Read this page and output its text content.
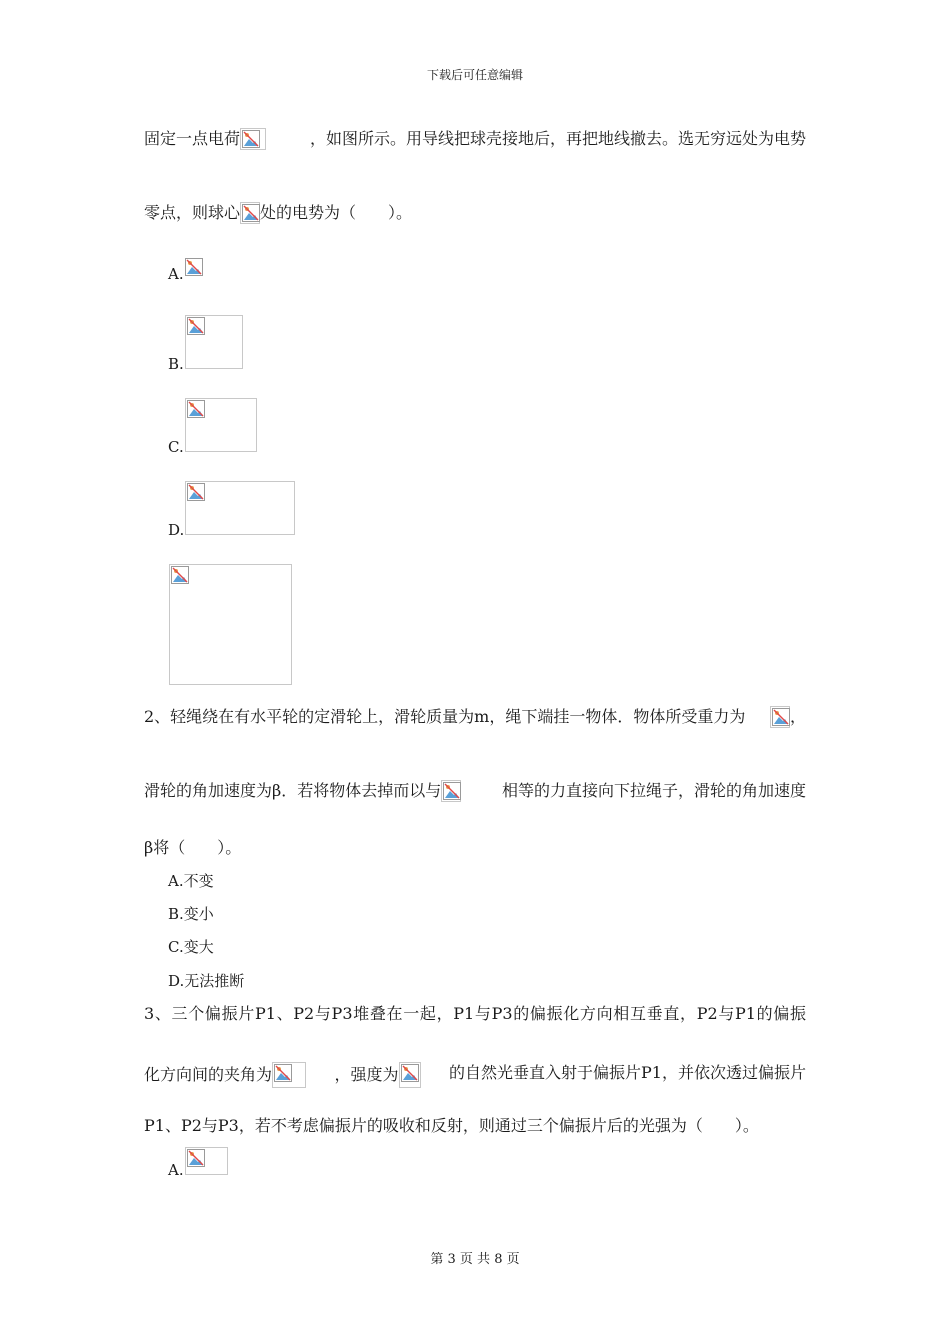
下载后可任意编辑
固定一点电荷	，如图所示。用导线把球壳接地后，再把地线撤去。选无穷远处为电势
零点，则球心 处的电势为（　　）。
A.
B.
C.
D.
2、轻绳绕在有水平轮的定滑轮上，滑轮质量为m，绳下端挂一物体．物体所受重力为	，
滑轮的角加速度为β．若将物体去掉而以与	相等的力直接向下拉绳子，滑轮的角加速度
β将（　　）。
A.不变
B.变小
C.变大
D.无法推断
3、三个偏振片P1、P2与P3堆叠在一起，P1与P3的偏振化方向相互垂直，P2与P1的偏振
化方向间的夹角为	，强度为	的自然光垂直入射于偏振片P1，并依次透过偏振片
P1、P2与P3，若不考虑偏振片的吸收和反射，则通过三个偏振片后的光强为（　　）。
A.
第 3 页 共 8 页
